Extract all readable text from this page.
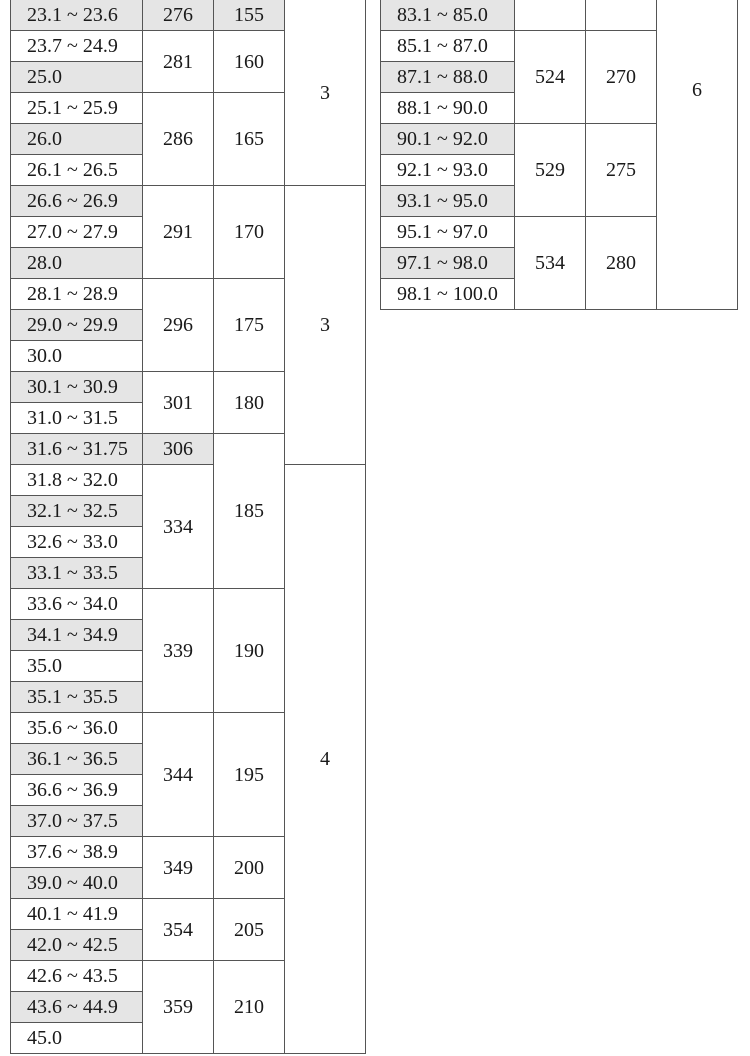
23.1 ~ 23.6
23.7 ~ 24.9
25.0
25.1 ~ 25.9
26.0
26.1 ~ 26.5
26.6 ~ 26.9
27.0 ~ 27.9
28.0
28.1 ~ 28.9
29.0 ~ 29.9
30.0
30.1 ~ 30.9
31.0 ~ 31.5
31.6 ~ 31.75
31.8 ~ 32.0
32.1 ~ 32.5
32.6 ~ 33.0
33.1 ~ 33.5
33.6 ~ 34.0
34.1 ~ 34.9
35.0
35.1 ~ 35.5
35.6 ~ 36.0
36.1 ~ 36.5
36.6 ~ 36.9
37.0 ~ 37.5
37.6 ~ 38.9
39.0 ~ 40.0
40.1 ~ 41.9
42.0 ~ 42.5
42.6 ~ 43.5
43.6 ~ 44.9
45.0
276
281
286
291
296
301
306
334
339
344
349
354
359
155
160
165
170
175
180
185
190
195
200
205
210
3
3
4
83.1 ~ 85.0
85.1 ~ 87.0
87.1 ~ 88.0
88.1 ~ 90.0
90.1 ~ 92.0
92.1 ~ 93.0
93.1 ~ 95.0
95.1 ~ 97.0
97.1 ~ 98.0
98.1 ~ 100.0
524
529
534
270
275
280
6
